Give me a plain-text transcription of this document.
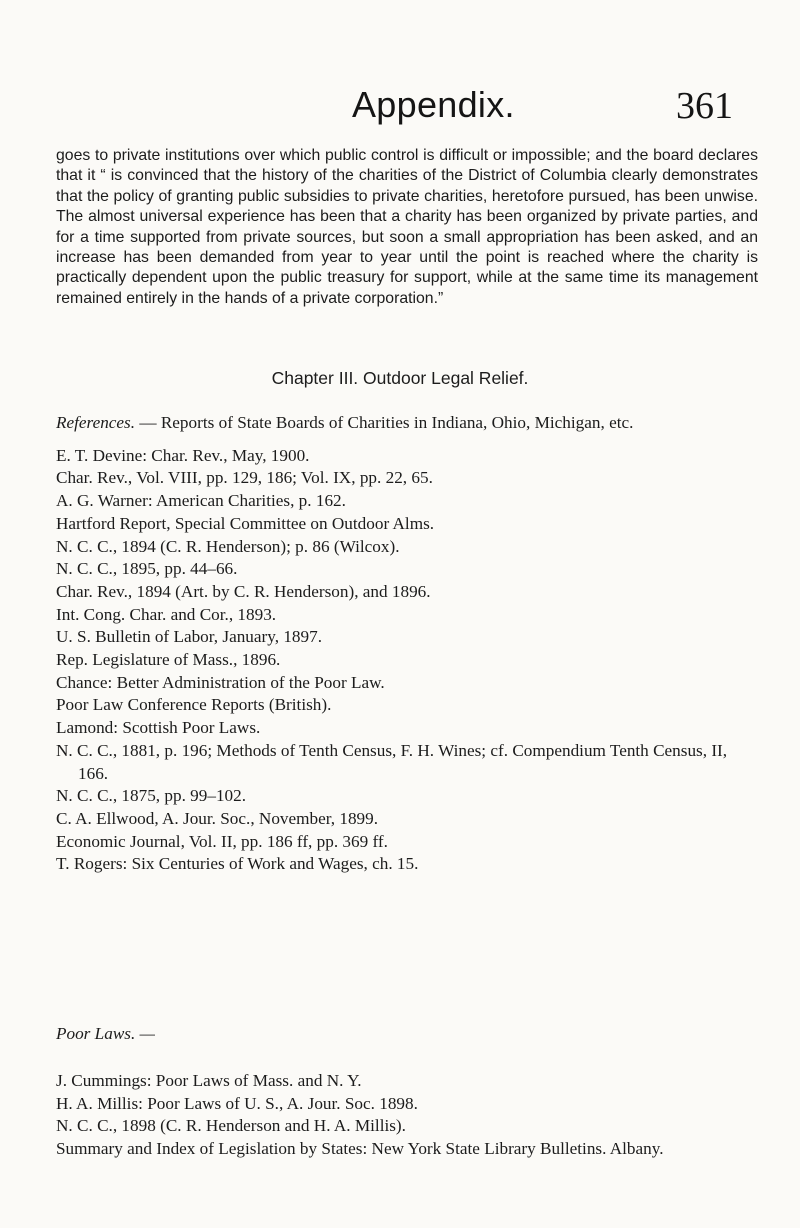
Appendix.	361

goes to private institutions over which public control is difficult or impossible; and the board declares that it “ is convinced that the history of the charities of the District of Columbia clearly demonstrates that the policy of granting public subsidies to private charities, heretofore pursued, has been unwise. The almost universal experience has been that a charity has been organized by private parties, and for a time supported from private sources, but soon a small appropriation has been asked, and an increase has been demanded from year to year until the point is reached where the charity is practically dependent upon the public treasury for support, while at the same time its management remained entirely in the hands of a private corporation.”

Chapter III. Outdoor Legal Relief.
References. — Reports of State Boards of Charities in Indiana, Ohio, Michigan, etc.
E. T. Devine: Char. Rev., May, 1900.
Char. Rev., Vol. VIII, pp. 129, 186; Vol. IX, pp. 22, 65.
A. G. Warner: American Charities, p. 162.
Hartford Report, Special Committee on Outdoor Alms.
N. C. C., 1894 (C. R. Henderson); p. 86 (Wilcox).
N. C. C., 1895, pp. 44–66.
Char. Rev., 1894 (Art. by C. R. Henderson), and 1896.
Int. Cong. Char. and Cor., 1893.
U. S. Bulletin of Labor, January, 1897.
Rep. Legislature of Mass., 1896.
Chance: Better Administration of the Poor Law.
Poor Law Conference Reports (British).
Lamond: Scottish Poor Laws.
N. C. C., 1881, p. 196; Methods of Tenth Census, F. H. Wines; cf. Compendium Tenth Census, II, 166.
N. C. C., 1875, pp. 99–102.
C. A. Ellwood, A. Jour. Soc., November, 1899.
Economic Journal, Vol. II, pp. 186 ff, pp. 369 ff.
T. Rogers: Six Centuries of Work and Wages, ch. 15.
Poor Laws. —
J. Cummings: Poor Laws of Mass. and N. Y.
H. A. Millis: Poor Laws of U. S., A. Jour. Soc. 1898.
N. C. C., 1898 (C. R. Henderson and H. A. Millis).
Summary and Index of Legislation by States: New York State Library Bulletins. Albany.
